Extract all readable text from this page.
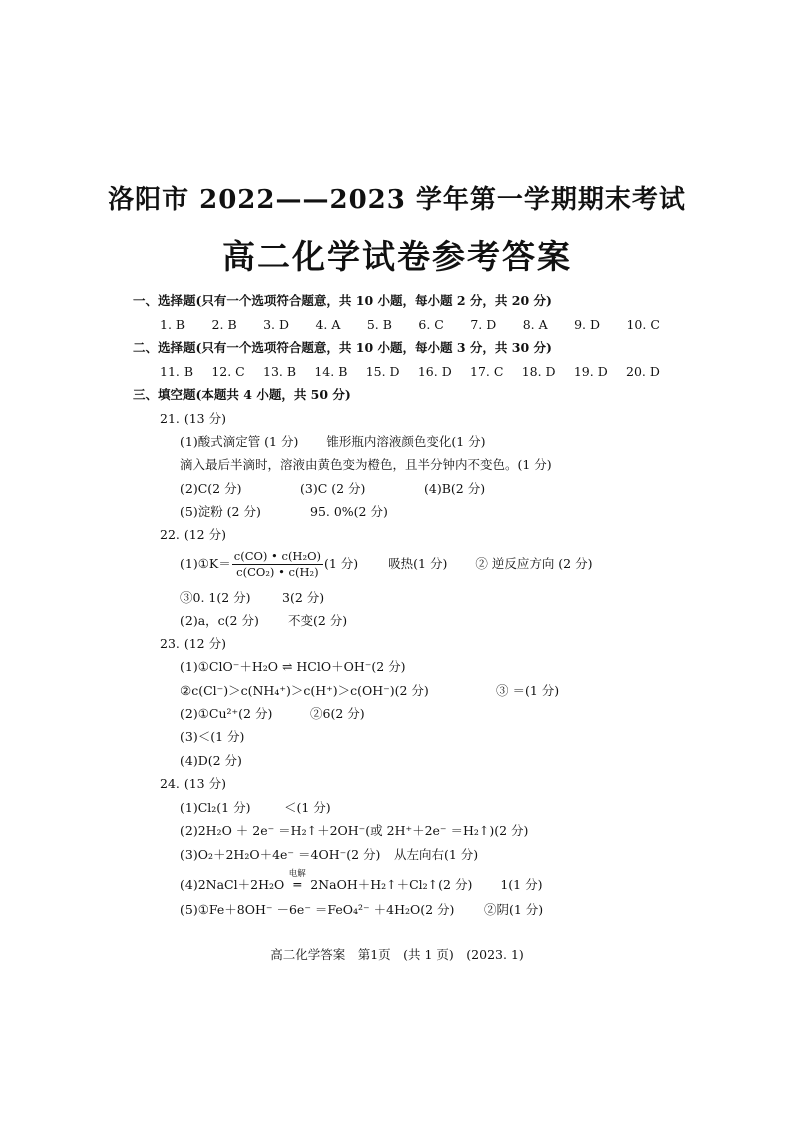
洛阳市 2022——2023 学年第一学期期末考试
高二化学试卷参考答案
一、选择题(只有一个选项符合题意，共 10 小题，每小题 2 分，共 20 分)
1. B 2. B 3. D 4. A 5. B 6. C 7. D 8. A 9. D 10. C
二、选择题(只有一个选项符合题意，共 10 小题，每小题 3 分，共 30 分)
11. B 12. C 13. B 14. B 15. D 16. D 17. C 18. D 19. D 20. D
三、填空题(本题共 4 小题，共 50 分)
21. (13 分)
(1)酸式滴定管 (1 分) 锥形瓶内溶液颜色变化(1 分)
滴入最后半滴时，溶液由黄色变为橙色，且半分钟内不变色。(1 分)
(2)C(2 分)	(3)C (2 分)	(4)B(2 分)
(5)淀粉 (2 分)	95. 0%(2 分)
22. (12 分)
(1)①K＝ $\frac{\text{c(CO) • c(H₂O)}}{\text{c(CO₂) • c(H₂)}} (1$ 分) 吸热(1 分) ② 逆反应方向 (2 分)
③0. 1(2 分)	3(2 分)
(2)a，c(2 分) 不变(2 分)
23. (12 分)
(1)①ClO⁻＋H₂O ⇌ HClO＋OH⁻(2 分)
②c(Cl⁻)＞c(NH₄⁺)＞c(H⁺)＞c(OH⁻)(2 分)	③ ＝(1 分)
(2)①Cu²⁺(2 分)	②6(2 分)
(3)＜(1 分)
(4)D(2 分)
24. (13 分)
(1)Cl₂(1 分)	＜(1 分)
(2)2H₂O ＋ 2e⁻ ＝H₂↑＋2OH⁻(或 2H⁺＋2e⁻ ＝H₂↑)(2 分)
(3)O₂＋2H₂O＋4e⁻ ＝4OH⁻(2 分) 从左向右(1 分)
(4)2NaCl＋2H₂O
电解
═ 2NaOH＋H₂↑＋Cl₂↑(2 分) 1(1 分)
(5)①Fe＋8OH⁻ －6e⁻ ＝FeO₄²⁻ ＋4H₂O(2 分) ②阴(1 分)
高二化学答案　第1页　(共 1 页)　(2023. 1)
